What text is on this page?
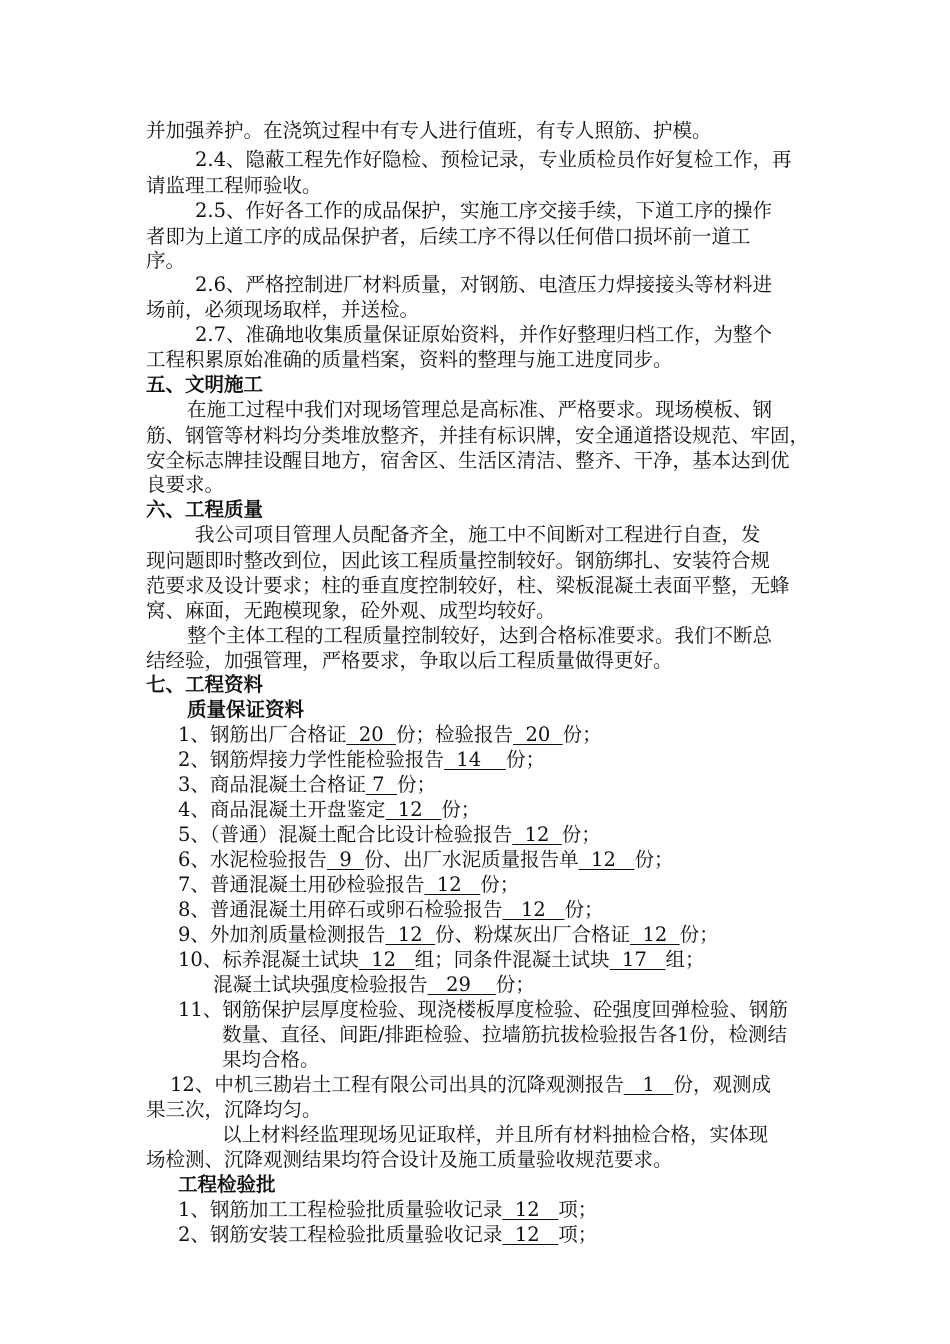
并加强养护。在浇筑过程中有专人进行值班，有专人照筋、护模。
2.4、隐蔽工程先作好隐检、预检记录，专业质检员作好复检工作，再
请监理工程师验收。
2.5、作好各工作的成品保护，实施工序交接手续，下道工序的操作
者即为上道工序的成品保护者，后续工序不得以任何借口损坏前一道工
序。
2.6、严格控制进厂材料质量，对钢筋、电渣压力焊接接头等材料进
场前，必须现场取样，并送检。
2.7、准确地收集质量保证原始资料，并作好整理归档工作，为整个
工程积累原始准确的质量档案，资料的整理与施工进度同步。
五、文明施工
在施工过程中我们对现场管理总是高标准、严格要求。现场模板、钢
筋、钢管等材料均分类堆放整齐，并挂有标识牌，安全通道搭设规范、牢固，
安全标志牌挂设醒目地方，宿舍区、生活区清洁、整齐、干净，基本达到优
良要求。
六、工程质量
我公司项目管理人员配备齐全，施工中不间断对工程进行自查，发
现问题即时整改到位，因此该工程质量控制较好。钢筋绑扎、安装符合规
范要求及设计要求；柱的垂直度控制较好，柱、梁板混凝土表面平整，无蜂
窝、麻面，无跑模现象，砼外观、成型均较好。
整个主体工程的工程质量控制较好，达到合格标准要求。我们不断总
结经验，加强管理，严格要求，争取以后工程质量做得更好。
七、工程资料
质量保证资料
1、钢筋出厂合格证  20  份；检验报告  20  份；
2、钢筋焊接力学性能检验报告  14    份；
3、商品混凝土合格证 7  份；
4、商品混凝土开盘鉴定  12   份；
5、（普通）混凝土配合比设计检验报告  12  份；
6、水泥检验报告  9  份、出厂水泥质量报告单  12   份；
7、普通混凝土用砂检验报告  12   份；
8、普通混凝土用碎石或卵石检验报告   12   份；
9、外加剂质量检测报告  12  份、粉煤灰出厂合格证  12  份；
10、标养混凝土试块  12   组；同条件混凝土试块  17   组；
混凝土试块强度检验报告   29    份；
11、钢筋保护层厚度检验、现浇楼板厚度检验、砼强度回弹检验、钢筋
数量、直径、间距/排距检验、拉墙筋抗拔检验报告各1份，检测结
果均合格。
12、中机三勘岩土工程有限公司出具的沉降观测报告   1   份，观测成
果三次，沉降均匀。
以上材料经监理现场见证取样，并且所有材料抽检合格，实体现
场检测、沉降观测结果均符合设计及施工质量验收规范要求。
工程检验批
1、钢筋加工工程检验批质量验收记录  12   项；
2、钢筋安装工程检验批质量验收记录  12   项；
